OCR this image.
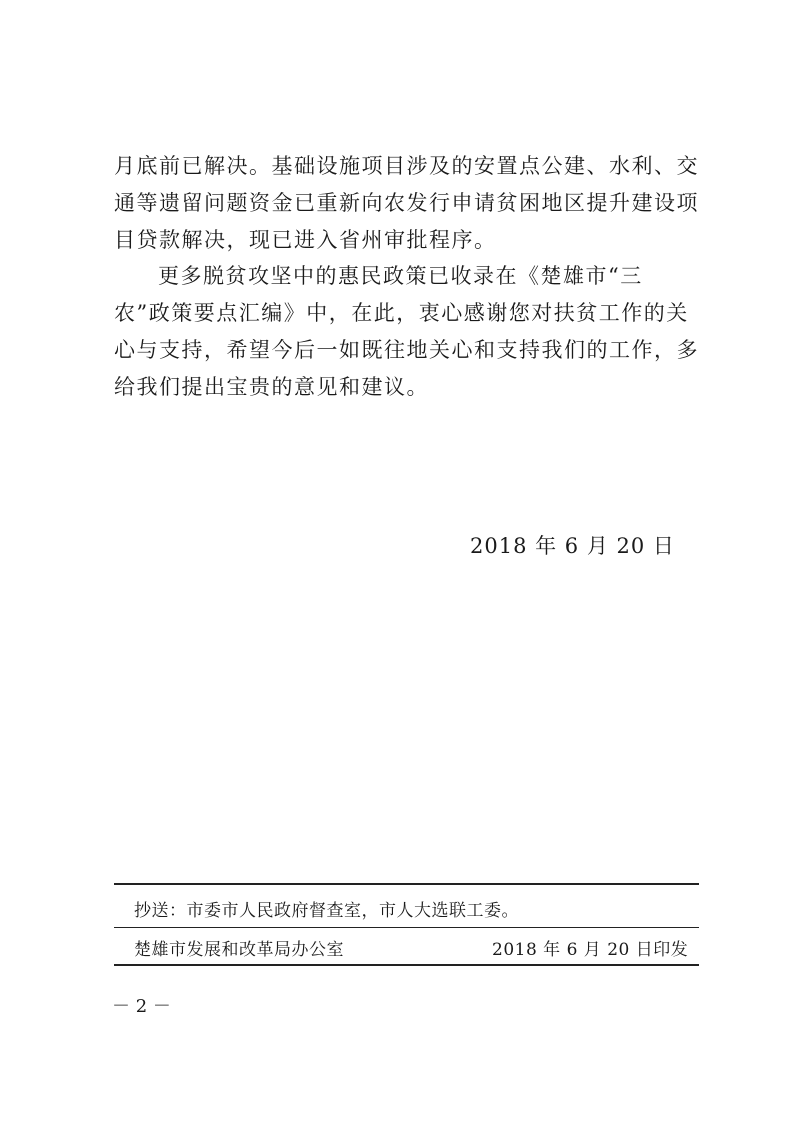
月底前已解决。基础设施项目涉及的安置点公建、水利、交通等遗留问题资金已重新向农发行申请贫困地区提升建设项目贷款解决，现已进入省州审批程序。

更多脱贫攻坚中的惠民政策已收录在《楚雄市“三农”政策要点汇编》中，在此，衷心感谢您对扶贫工作的关心与支持，希望今后一如既往地关心和支持我们的工作，多给我们提出宝贵的意见和建议。

2018 年 6 月 20 日
抄送：市委市人民政府督查室，市人大选联工委。
楚雄市发展和改革局办公室	2018 年 6 月 20 日印发
－ 2 －
